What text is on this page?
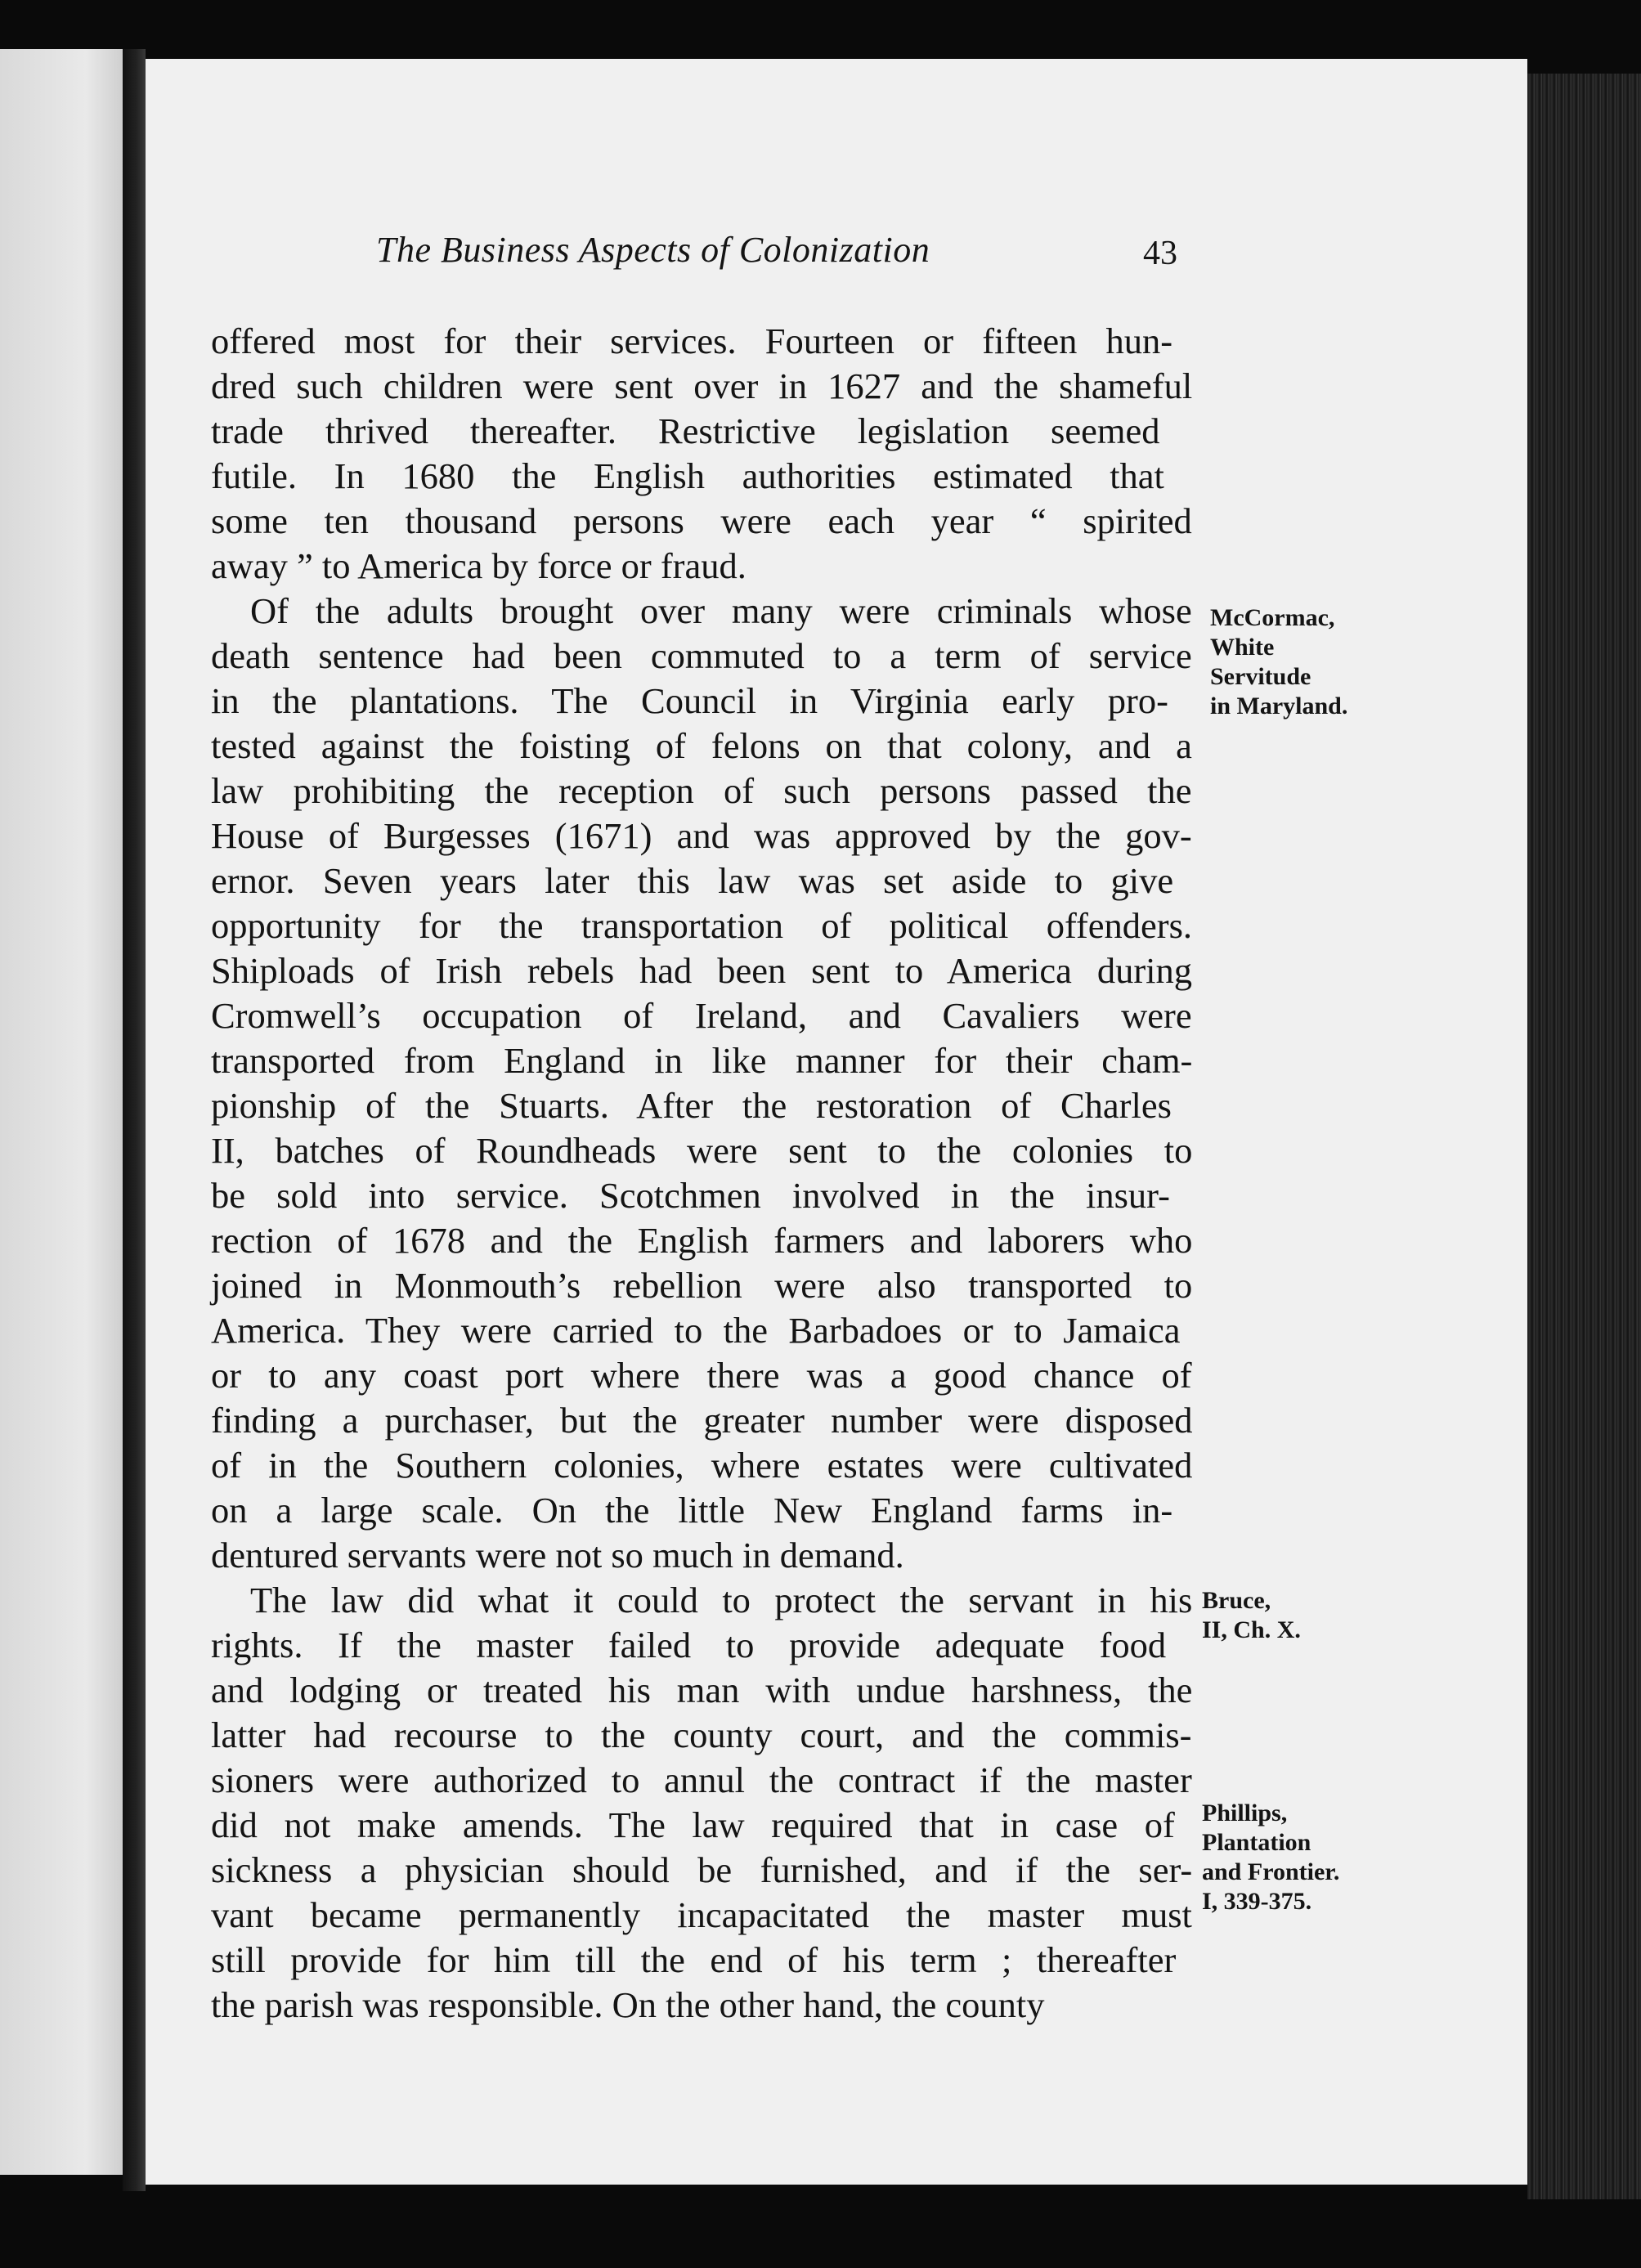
The Business Aspects of Colonization	43
offered most for their services. Fourteen or fifteen hun-
dred such children were sent over in 1627 and the shameful
trade thrived thereafter. Restrictive legislation seemed
futile. In 1680 the English authorities estimated that
some ten thousand persons were each year “ spirited
away ” to America by force or fraud.
Of the adults brought over many were criminals whose
death sentence had been commuted to a term of service
in the plantations. The Council in Virginia early pro-
tested against the foisting of felons on that colony, and a
law prohibiting the reception of such persons passed the
House of Burgesses (1671) and was approved by the gov-
ernor. Seven years later this law was set aside to give
opportunity for the transportation of political offenders.
Shiploads of Irish rebels had been sent to America during
Cromwell’s occupation of Ireland, and Cavaliers were
transported from England in like manner for their cham-
pionship of the Stuarts. After the restoration of Charles
II, batches of Roundheads were sent to the colonies to
be sold into service. Scotchmen involved in the insur-
rection of 1678 and the English farmers and laborers who
joined in Monmouth’s rebellion were also transported to
America. They were carried to the Barbadoes or to Jamaica
or to any coast port where there was a good chance of
finding a purchaser, but the greater number were disposed
of in the Southern colonies, where estates were cultivated
on a large scale. On the little New England farms in-
dentured servants were not so much in demand.
The law did what it could to protect the servant in his
rights. If the master failed to provide adequate food
and lodging or treated his man with undue harshness, the
latter had recourse to the county court, and the commis-
sioners were authorized to annul the contract if the master
did not make amends. The law required that in case of
sickness a physician should be furnished, and if the ser-
vant became permanently incapacitated the master must
still provide for him till the end of his term ; thereafter
the parish was responsible. On the other hand, the county
McCormac,
White
Servitude
in Maryland.
Bruce,
II, Ch. X.
Phillips,
Plantation
and Frontier.
I, 339-375.
